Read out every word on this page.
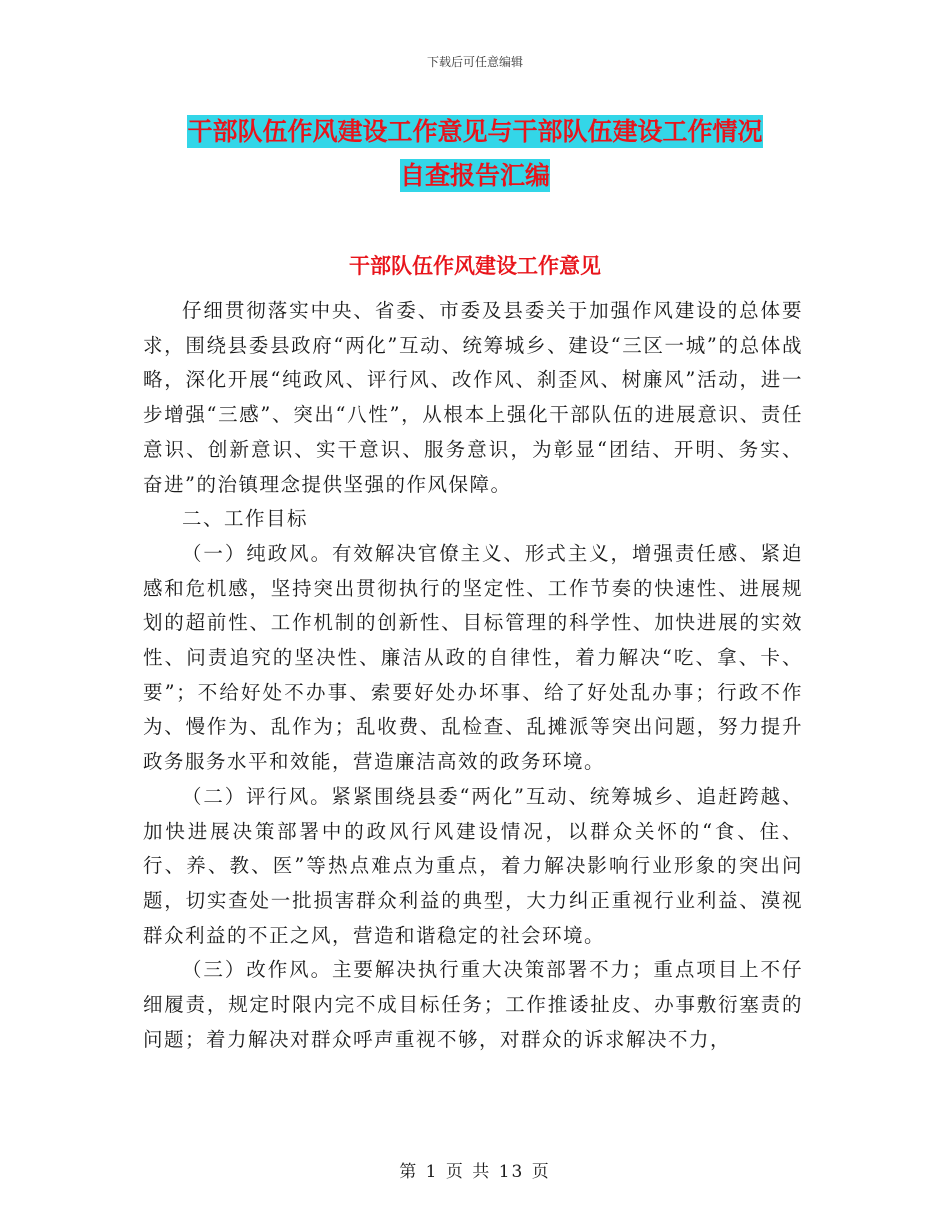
下载后可任意编辑
干部队伍作风建设工作意见与干部队伍建设工作情况
自查报告汇编
干部队伍作风建设工作意见

仔细贯彻落实中央、省委、市委及县委关于加强作风建设的总体要求，围绕县委县政府“两化”互动、统筹城乡、建设“三区一城”的总体战略，深化开展“纯政风、评行风、改作风、刹歪风、树廉风”活动，进一步增强“三感”、突出“八性”，从根本上强化干部队伍的进展意识、责任意识、创新意识、实干意识、服务意识，为彰显“团结、开明、务实、奋进”的治镇理念提供坚强的作风保障。

二、工作目标

（一）纯政风。有效解决官僚主义、形式主义，增强责任感、紧迫感和危机感，坚持突出贯彻执行的坚定性、工作节奏的快速性、进展规划的超前性、工作机制的创新性、目标管理的科学性、加快进展的实效性、问责追究的坚决性、廉洁从政的自律性，着力解决“吃、拿、卡、要”；不给好处不办事、索要好处办坏事、给了好处乱办事；行政不作为、慢作为、乱作为；乱收费、乱检查、乱摊派等突出问题，努力提升政务服务水平和效能，营造廉洁高效的政务环境。

（二）评行风。紧紧围绕县委“两化”互动、统筹城乡、追赶跨越、加快进展决策部署中的政风行风建设情况，以群众关怀的“食、住、行、养、教、医”等热点难点为重点，着力解决影响行业形象的突出问题，切实查处一批损害群众利益的典型，大力纠正重视行业利益、漠视群众利益的不正之风，营造和谐稳定的社会环境。

（三）改作风。主要解决执行重大决策部署不力；重点项目上不仔细履责，规定时限内完不成目标任务；工作推诿扯皮、办事敷衍塞责的问题；着力解决对群众呼声重视不够，对群众的诉求解决不力，

第 1 页 共 13 页
